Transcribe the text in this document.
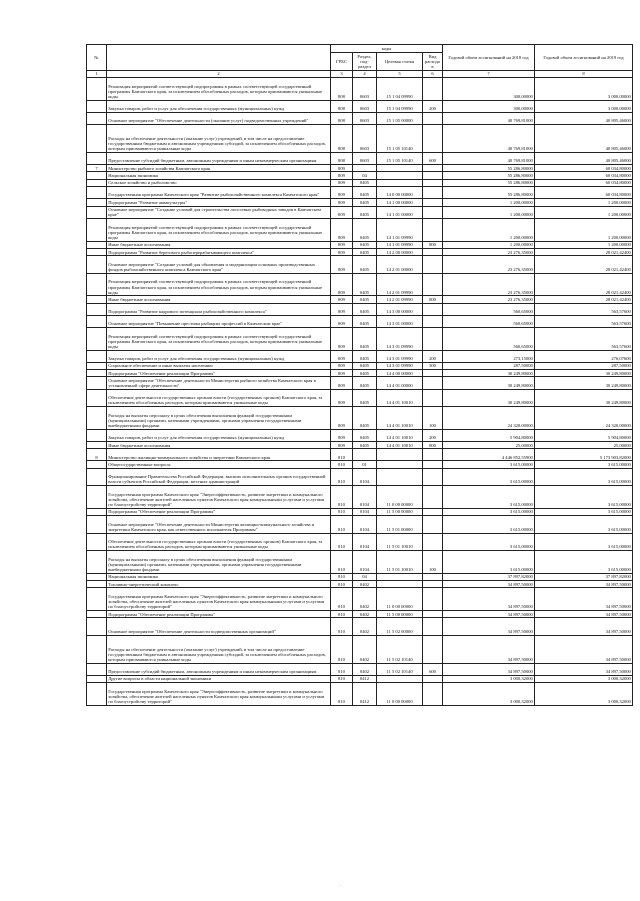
№		коды				Годовой объем ассигнований на 2018 год	Годовой объем ассигнований на 2019 год
		ГРБС	Раздел, под-раздел	Целевая статья	Вид расходов		
1	2	3	4	5	6	7	8
	Реализация мероприятий соответствующей подпрограммы в рамках соответствующей государственной программы Камчатского края, за исключением обособленных расходов, которым присваиваются уникальные коды	808	0603	15 1 04 09990		300,00000	3 000,00000
	Закупка товаров, работ и услуг для обеспечения государственных (муниципальных) нужд	808	0603	15 1 04 09990	200	300,00000	3 000,00000
	Основное мероприятие "Обеспечение деятельности (оказание услуг) подведомственных учреждений"	808	0603	15 1 05 00000		40 769,81000	40 805,46000
	Расходы на обеспечение деятельности (оказание услуг) учреждений, в том числе на предоставление государственным бюджетным и автономным учреждениям субсидий, за исключением обособленных расходов, которым присваиваются уникальные коды	808	0603	15 1 05 10140		40 769,81000	40 805,46000
	Предоставление субсидий бюджетным, автономным учреждениям и иным некоммерческим организациям	808	0603	15 1 05 10140	600	40 769,81000	40 805,46000
7	Министерство рыбного хозяйства Камчатского края	809				55 286,80000	60 034,80000
	Национальная экономика	809	04			55 286,80000	60 034,80000
	Сельское хозяйство и рыболовство	809	0405			55 286,80000	60 034,80000
	Государственная программа Камчатского края "Развитие рыбохозяйственного комплекса Камчатского края"	809	0405	14 0 00 00000		55 286,80000	60 034,80000
	Подпрограмма "Развитие аквакультуры"	809	0405	14 1 00 00000		1 200,00000	1 200,00000
	Основное мероприятие "Создание условий для строительства лососевых рыбоводных заводов в Камчатском крае"	809	0405	14 1 01 00000		1 200,00000	1 200,00000
	Реализация мероприятий соответствующей подпрограммы в рамках соответствующей государственной программы Камчатского края, за исключением обособленных расходов, которым присваиваются уникальные коды	809	0405	14 1 01 09990		1 200,00000	1 200,00000
	Иные бюджетные ассигнования	809	0405	14 1 01 09990	800	1 200,00000	1 200,00000
	Подпрограмма "Развитие берегового рыбоперерабатывающего комплекса"	809	0405	14 2 00 00000		23 276,35000	28 021,42400
	Основное мероприятие "Создание условий для обновления и модернизации основных производственных фондов рыбохозяйственного комплекса Камчатского края"	809	0405	14 2 01 00000		23 276,35000	28 021,42400
	Реализация мероприятий соответствующей подпрограммы в рамках соответствующей государственной программы Камчатского края, за исключением обособленных расходов, которым присваиваются уникальные коды	809	0405	14 2 01 09990		23 276,35000	28 021,42400
	Иные бюджетные ассигнования	809	0405	14 2 01 09990	800	23 276,35000	28 021,42400
	Подпрограмма "Развитие кадрового потенциала рыбохозяйственного комплекса"	809	0405	14 3 00 00000		560,65000	563,57600
	Основное мероприятие "Повышение престижа рыбацких профессий в Камчатском крае"	809	0405	14 3 01 00000		560,65000	563,57600
	Реализация мероприятий соответствующей подпрограммы в рамках соответствующей государственной программы Камчатского края, за исключением обособленных расходов, которым присваиваются уникальные коды	809	0405	14 3 01 09990		560,65000	563,57600
	Закупка товаров, работ и услуг для обеспечения государственных (муниципальных) нужд	809	0405	14 3 01 09990	200	273,15000	276,07600
	Социальное обеспечение и иные выплаты населению	809	0405	14 3 01 09990	300	287,50000	287,50000
	Подпрограмма "Обеспечение реализации Программы"	809	0405	14 4 00 00000		30 249,80000	30 249,80000
	Основное мероприятие "Обеспечение деятельности Министерства рыбного хозяйства Камчатского края в установленной сфере деятельности"	809	0405	14 4 01 00000		30 249,80000	30 249,80000
	Обеспечение деятельности государственных органов власти (государственных органов) Камчатского края, за исключением обособленных расходов, которым присваиваются уникальные коды	809	0405	14 4 01 10010		30 249,80000	30 249,80000
	Расходы на выплаты персоналу в целях обеспечения выполнения функций государственными (муниципальными) органами, казенными учреждениями, органами управления государственными внебюджетными фондами	809	0405	14 4 01 10010	100	24 320,00000	24 320,00000
	Закупка товаров, работ и услуг для обеспечения государственных (муниципальных) нужд	809	0405	14 4 01 10010	200	5 904,80000	5 904,80000
	Иные бюджетные ассигнования	809	0405	14 4 01 10010	800	25,00000	25,00000
8	Министерство жилищно-коммунального хозяйства и энергетики Камчатского края	810				4 446 852,55900	5 173 903,82000
	Общегосударственные вопросы	810	01			3 615,00000	3 615,00000
	Функционирование Правительства Российской Федерации, высших исполнительных органов государственной власти субъектов Российской Федерации, местных администраций	810	0104			3 615,00000	3 615,00000
	Государственная программа Камчатского края "Энергоэффективность, развитие энергетики и коммунального хозяйства, обеспечение жителей населенных пунктов Камчатского края коммунальными услугами и услугами по благоустройству территорий"	810	0104	11 0 00 00000		3 615,00000	3 615,00000
	Подпрограмма "Обеспечение реализации Программы"	810	0104	11 5 00 00000		3 615,00000	3 615,00000
	Основное мероприятие "Обеспечение деятельности Министерства жилищно-коммунального хозяйства и энергетики Камчатского края, как ответственного исполнителя Программы"	810	0104	11 5 01 00000		3 615,00000	3 615,00000
	Обеспечение деятельности государственных органов власти (государственных органов) Камчатского края, за исключением обособленных расходов, которым присваиваются уникальные коды	810	0104	11 5 01 10010		3 615,00000	3 615,00000
	Расходы на выплаты персоналу в целях обеспечения выполнения функций государственными (муниципальными) органами, казенными учреждениями, органами управления государственными внебюджетными фондами	810	0104	11 5 01 10010	100	3 615,00000	3 615,00000
	Национальная экономика	810	04			37 897,82000	37 897,82000
	Топливно-энергетический комплекс	810	0402			34 897,50000	34 897,50000
	Государственная программа Камчатского края "Энергоэффективность, развитие энергетики и коммунального хозяйства, обеспечение жителей населенных пунктов Камчатского края коммунальными услугами и услугами по благоустройству территорий"	810	0402	11 0 00 00000		34 897,50000	34 897,50000
	Подпрограмма "Обеспечение реализации Программы"	810	0402	11 5 00 00000		34 897,50000	34 897,50000
	Основное мероприятие "Обеспечение деятельности подведомственных организаций"	810	0402	11 5 02 00000		34 897,50000	34 897,50000
	Расходы на обеспечение деятельности (оказание услуг) учреждений, в том числе на предоставление государственным бюджетным и автономным учреждениям субсидий, за исключением обособленных расходов, которым присваиваются уникальные коды	810	0402	11 5 02 10140		34 897,50000	34 897,50000
	Предоставление субсидий бюджетным, автономным учреждениям и иным некоммерческим организациям	810	0402	11 5 02 10140	600	34 897,50000	34 897,50000
	Другие вопросы в области национальной экономики	810	0412			3 000,32000	3 000,32000
	Государственная программа Камчатского края "Энергоэффективность, развитие энергетики и коммунального хозяйства, обеспечение жителей населенных пунктов Камчатского края коммунальными услугами и услугами по благоустройству территорий"	810	0412	11 0 00 00000		3 000,32000	3 000,32000
·
